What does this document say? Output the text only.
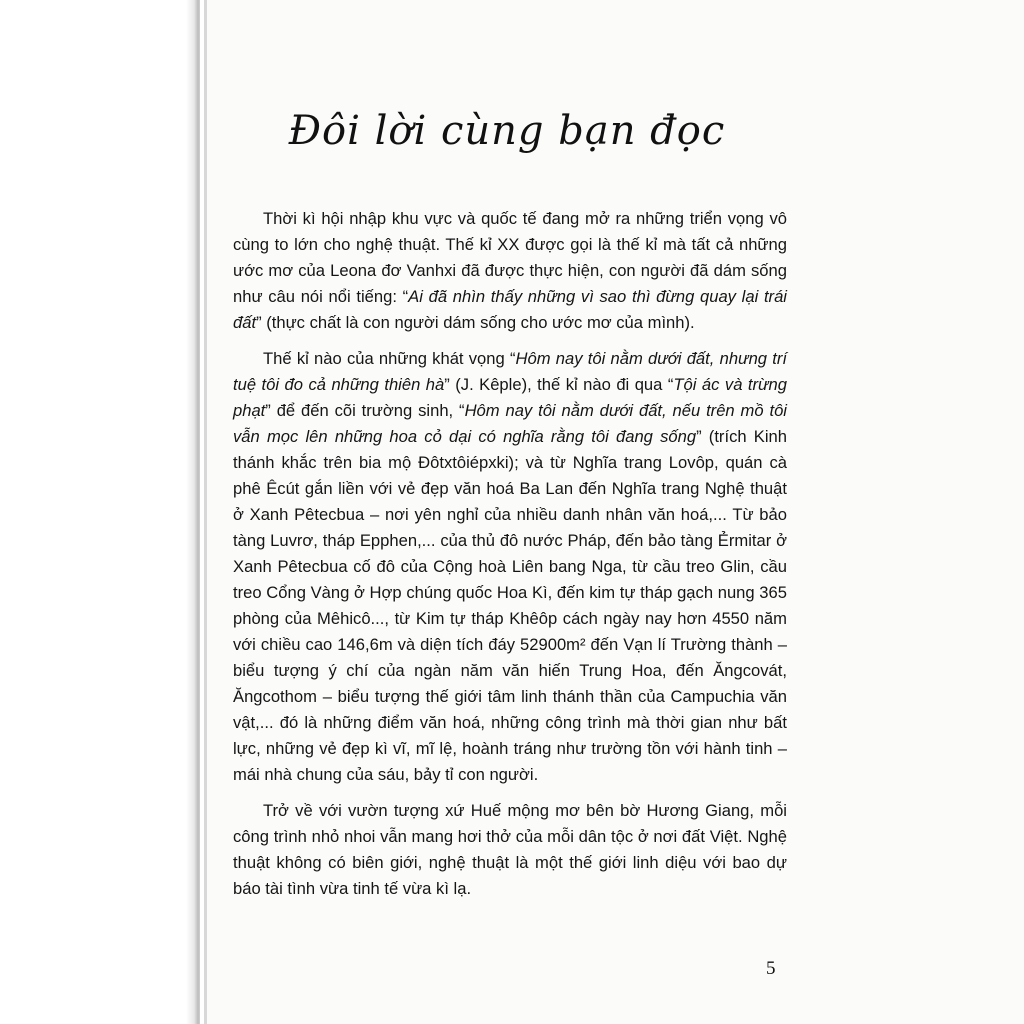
Đôi lời cùng bạn đọc

Thời kì hội nhập khu vực và quốc tế đang mở ra những triển vọng vô cùng to lớn cho nghệ thuật. Thế kỉ XX được gọi là thế kỉ mà tất cả những ước mơ của Leona đơ Vanhxi đã được thực hiện, con người đã dám sống như câu nói nổi tiếng: “Ai đã nhìn thấy những vì sao thì đừng quay lại trái đất” (thực chất là con người dám sống cho ước mơ của mình).

Thế kỉ nào của những khát vọng “Hôm nay tôi nằm dưới đất, nhưng trí tuệ tôi đo cả những thiên hà” (J. Kêple), thế kỉ nào đi qua “Tội ác và trừng phạt” để đến cõi trường sinh, “Hôm nay tôi nằm dưới đất, nếu trên mồ tôi vẫn mọc lên những hoa cỏ dại có nghĩa rằng tôi đang sống” (trích Kinh thánh khắc trên bia mộ Đôtxtôiépxki); và từ Nghĩa trang Lovôp, quán cà phê Êcút gắn liền với vẻ đẹp văn hoá Ba Lan đến Nghĩa trang Nghệ thuật ở Xanh Pêtecbua – nơi yên nghỉ của nhiều danh nhân văn hoá,... Từ bảo tàng Luvrơ, tháp Epphen,... của thủ đô nước Pháp, đến bảo tàng Ẻrmitar ở Xanh Pêtecbua cố đô của Cộng hoà Liên bang Nga, từ cầu treo Glin, cầu treo Cổng Vàng ở Hợp chúng quốc Hoa Kì, đến kim tự tháp gạch nung 365 phòng của Mêhicô..., từ Kim tự tháp Khêôp cách ngày nay hơn 4550 năm với chiều cao 146,6m và diện tích đáy 52900m² đến Vạn lí Trường thành – biểu tượng ý chí của ngàn năm văn hiến Trung Hoa, đến Ăngcovát, Ăngcothom – biểu tượng thế giới tâm linh thánh thần của Campuchia văn vật,... đó là những điểm văn hoá, những công trình mà thời gian như bất lực, những vẻ đẹp kì vĩ, mĩ lệ, hoành tráng như trường tồn với hành tinh – mái nhà chung của sáu, bảy tỉ con người.

Trở về với vườn tượng xứ Huế mộng mơ bên bờ Hương Giang, mỗi công trình nhỏ nhoi vẫn mang hơi thở của mỗi dân tộc ở nơi đất Việt. Nghệ thuật không có biên giới, nghệ thuật là một thế giới linh diệu với bao dự báo tài tình vừa tinh tế vừa kì lạ.

5
